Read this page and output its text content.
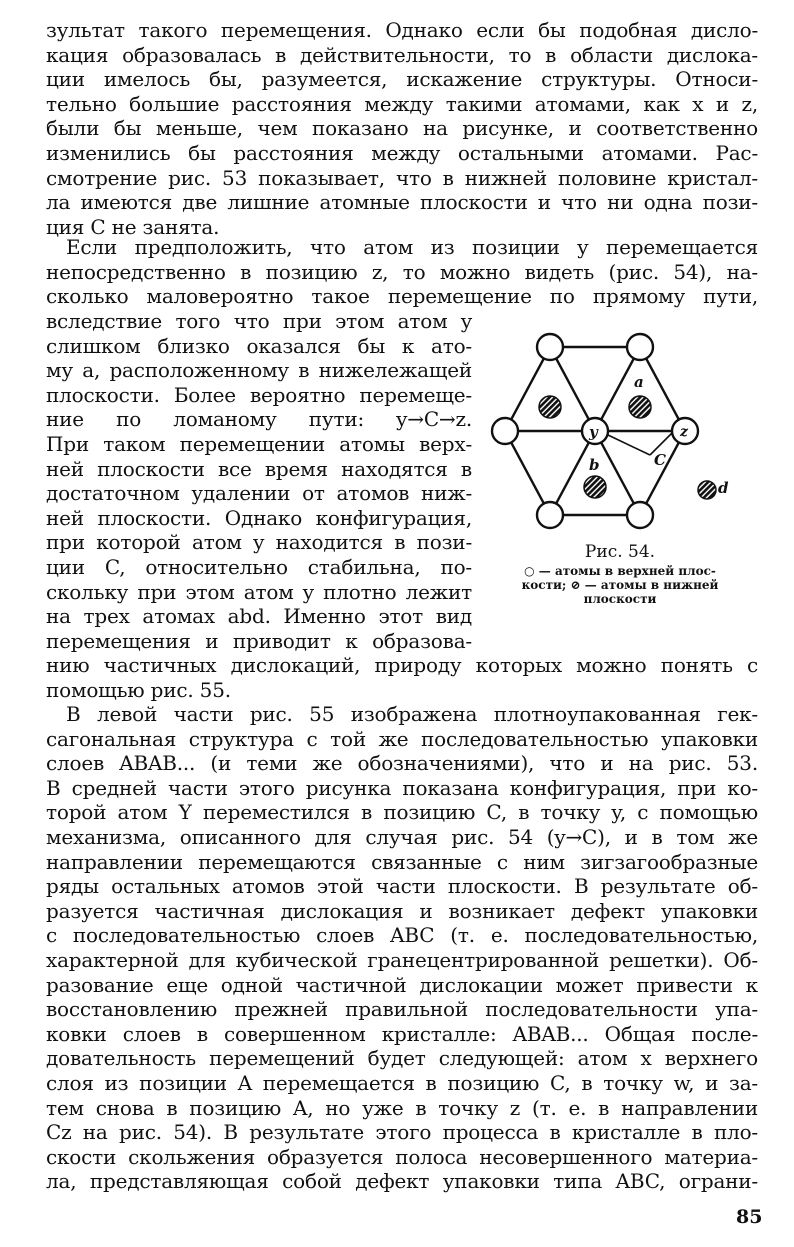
зультат такого перемещения. Однако если бы подобная дисло-
кация образовалась в действительности, то в области дислока-
ции имелось бы, разумеется, искажение структуры. Относи-
тельно большие расстояния между такими атомами, как x и z,
были бы меньше, чем показано на рисунке, и соответственно
изменились бы расстояния между остальными атомами. Рас-
смотрение рис. 53 показывает, что в нижней половине кристал-
ла имеются две лишние атомные плоскости и что ни одна пози-
ция C не занята.
Если предположить, что атом из позиции y перемещается
непосредственно в позицию z, то можно видеть (рис. 54), на-
сколько маловероятно такое перемещение по прямому пути,
вследствие того что при этом атом y
слишком близко оказался бы к ато-
му a, расположенному в нижележащей
плоскости. Более вероятно перемеще-
ние по ломаному пути: y→C→z.
При таком перемещении атомы верх-
ней плоскости все время находятся в
достаточном удалении от атомов ниж-
ней плоскости. Однако конфигурация,
при которой атом y находится в пози-
ции C, относительно стабильна, по-
скольку при этом атом y плотно лежит
на трех атомах abd. Именно этот вид
перемещения и приводит к образова-
нию частичных дислокаций, природу которых можно понять с
помощью рис. 55.
В левой части рис. 55 изображена плотноупакованная гек-
сагональная структура с той же последовательностью упаковки
слоев ABAB... (и теми же обозначениями), что и на рис. 53.
В средней части этого рисунка показана конфигурация, при ко-
торой атом Y переместился в позицию C, в точку y, с помощью
механизма, описанного для случая рис. 54 (y→C), и в том же
направлении перемещаются связанные с ним зигзагообразные
ряды остальных атомов этой части плоскости. В результате об-
разуется частичная дислокация и возникает дефект упаковки
с последовательностью слоев ABC (т. е. последовательностью,
характерной для кубической гранецентрированной решетки). Об-
разование еще одной частичной дислокации может привести к
восстановлению прежней правильной последовательности упа-
ковки слоев в совершенном кристалле: ABAB... Общая после-
довательность перемещений будет следующей: атом x верхнего
слоя из позиции A перемещается в позицию C, в точку w, и за-
тем снова в позицию A, но уже в точку z (т. е. в направлении
Cz на рис. 54). В результате этого процесса в кристалле в пло-
скости скольжения образуется полоса несовершенного материа-
ла, представляющая собой дефект упаковки типа ABC, ограни-
a
b
y	z
C
d
Рис. 54.
○ — атомы в верхней плос-
кости; ⊘ — атомы в нижней
плоскости
85
